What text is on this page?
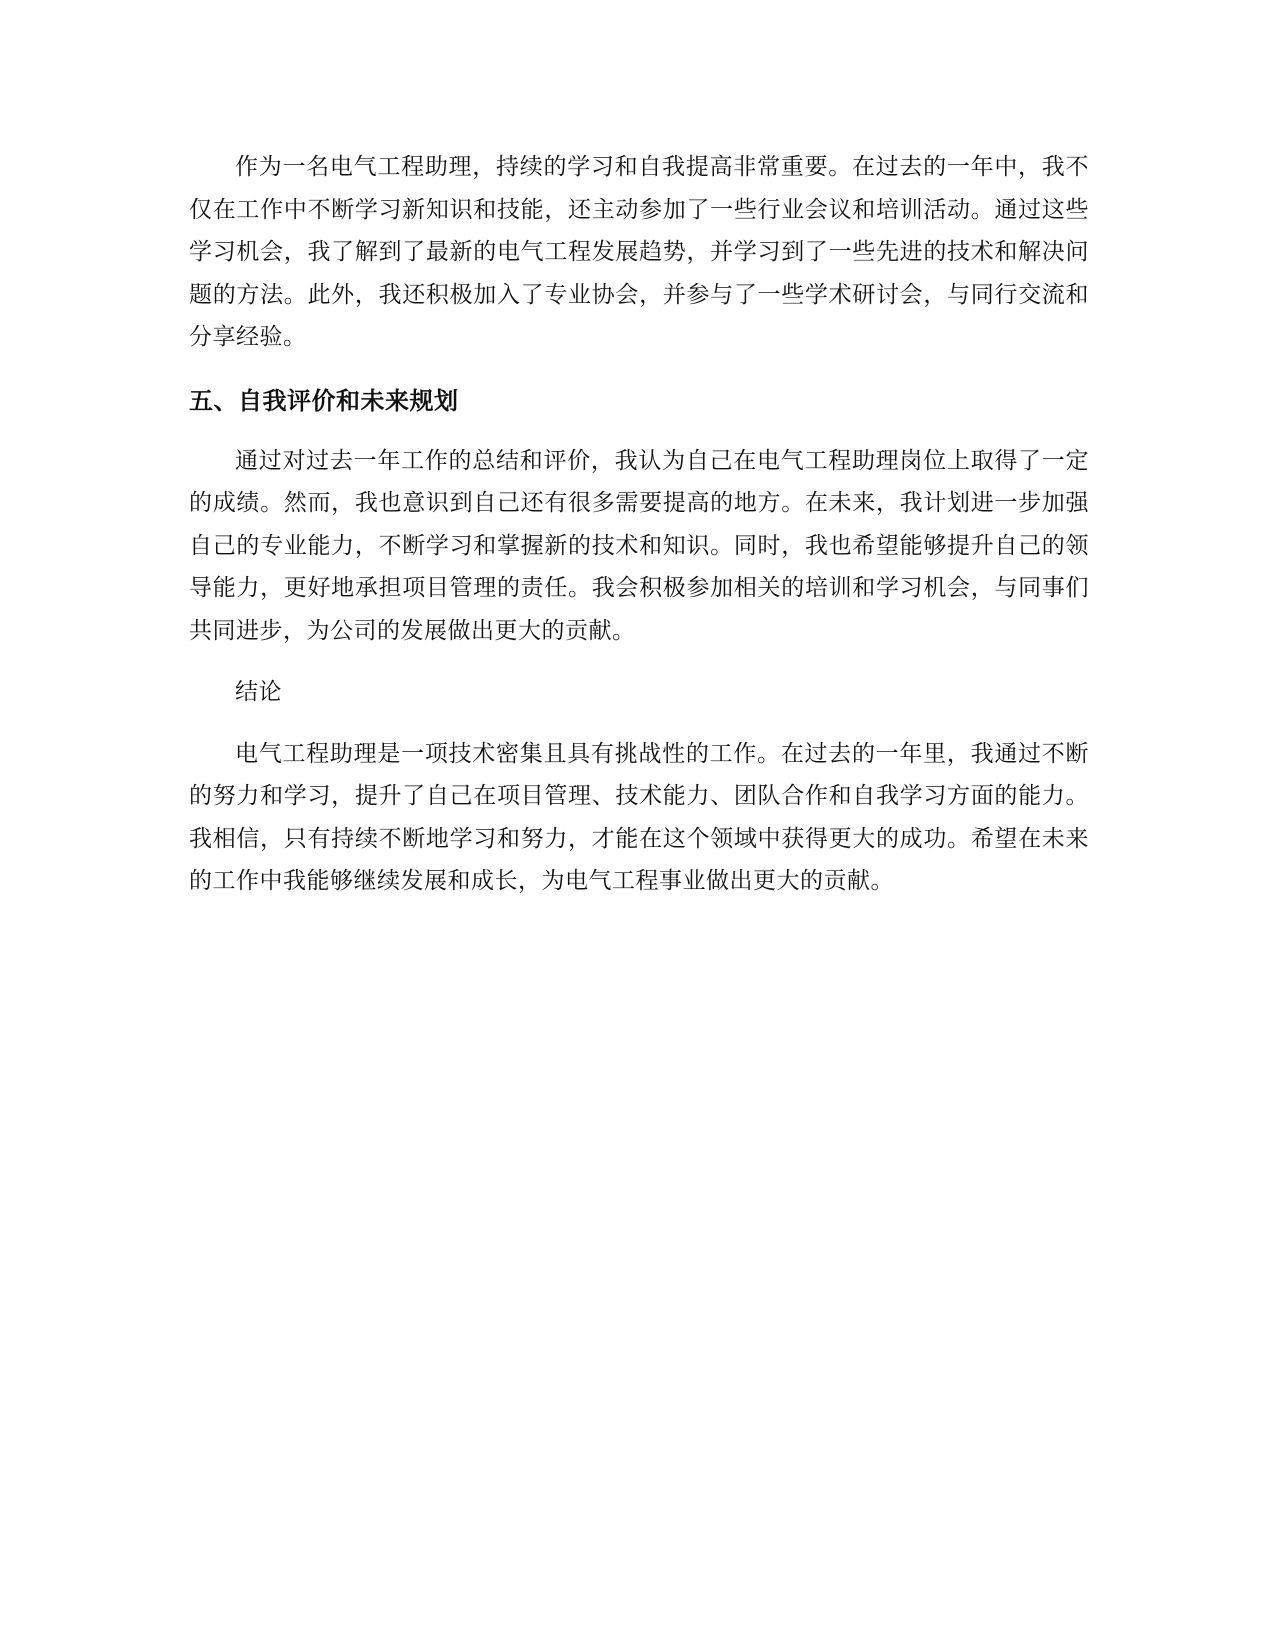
作为一名电气工程助理，持续的学习和自我提高非常重要。在过去的一年中，我不仅在工作中不断学习新知识和技能，还主动参加了一些行业会议和培训活动。通过这些学习机会，我了解到了最新的电气工程发展趋势，并学习到了一些先进的技术和解决问题的方法。此外，我还积极加入了专业协会，并参与了一些学术研讨会，与同行交流和分享经验。

五、自我评价和未来规划

通过对过去一年工作的总结和评价，我认为自己在电气工程助理岗位上取得了一定的成绩。然而，我也意识到自己还有很多需要提高的地方。在未来，我计划进一步加强自己的专业能力，不断学习和掌握新的技术和知识。同时，我也希望能够提升自己的领导能力，更好地承担项目管理的责任。我会积极参加相关的培训和学习机会，与同事们共同进步，为公司的发展做出更大的贡献。

结论

电气工程助理是一项技术密集且具有挑战性的工作。在过去的一年里，我通过不断的努力和学习，提升了自己在项目管理、技术能力、团队合作和自我学习方面的能力。我相信，只有持续不断地学习和努力，才能在这个领域中获得更大的成功。希望在未来的工作中我能够继续发展和成长，为电气工程事业做出更大的贡献。
